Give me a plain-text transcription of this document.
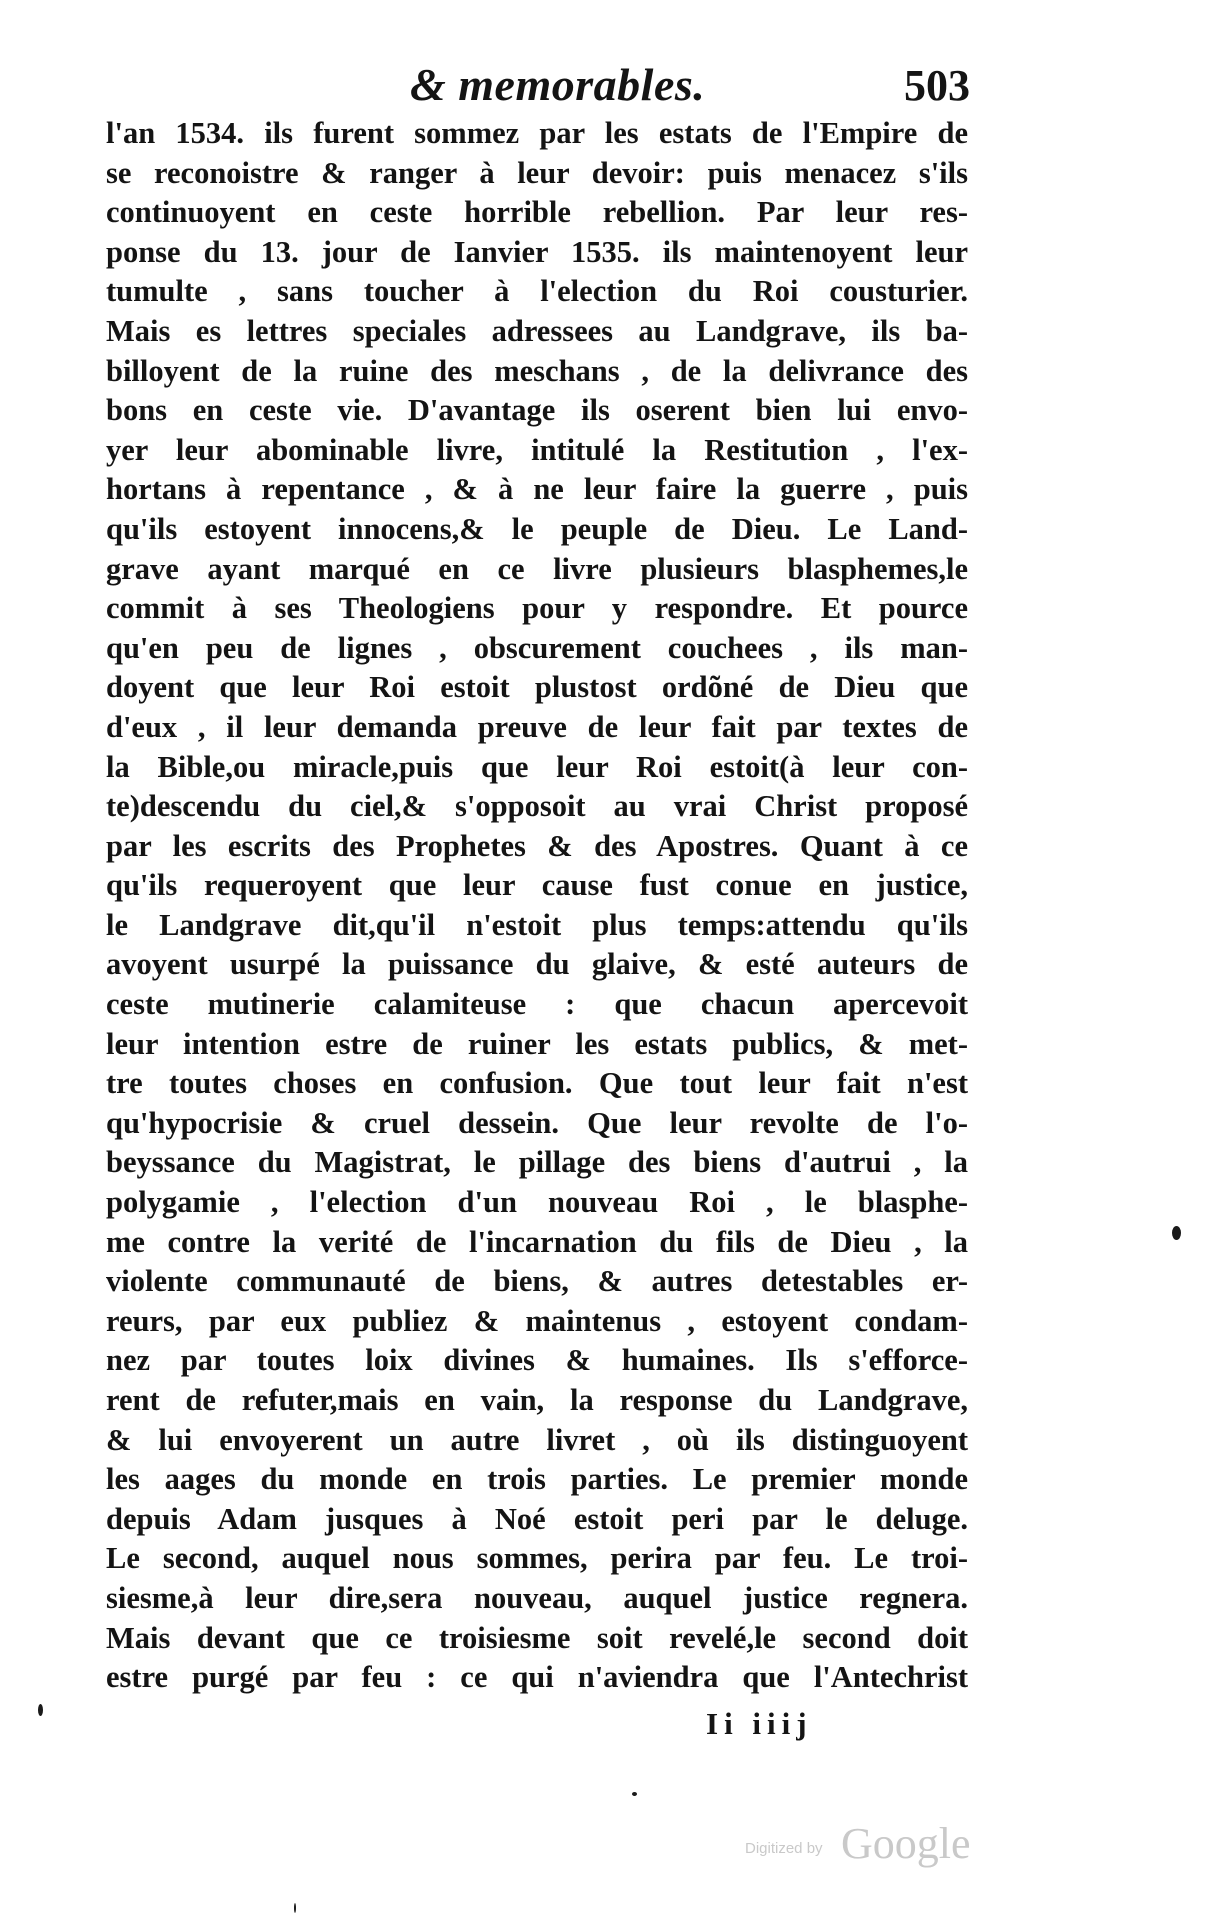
& memorables.	503
l'an 1534. ils furent sommez par les estats de l'Empire de
se reconoistre & ranger à leur devoir: puis menacez s'ils
continuoyent en ceste horrible rebellion. Par leur res-
ponse du 13. jour de Ianvier 1535. ils maintenoyent leur
tumulte , sans toucher à l'election du Roi cousturier.
Mais es lettres speciales adressees au Landgrave, ils ba-
billoyent de la ruine des meschans , de la delivrance des
bons en ceste vie. D'avantage ils oserent bien lui envo-
yer leur abominable livre, intitulé la Restitution , l'ex-
hortans à repentance , & à ne leur faire la guerre , puis
qu'ils estoyent innocens,& le peuple de Dieu. Le Land-
grave ayant marqué en ce livre plusieurs blasphemes,le
commit à ses Theologiens pour y respondre. Et pource
qu'en peu de lignes , obscurement couchees , ils man-
doyent que leur Roi estoit plustost ordõné de Dieu que
d'eux , il leur demanda preuve de leur fait par textes de
la Bible,ou miracle,puis que leur Roi estoit(à leur con-
te)descendu du ciel,& s'opposoit au vrai Christ proposé
par les escrits des Prophetes & des Apostres. Quant à ce
qu'ils requeroyent que leur cause fust conue en justice,
le Landgrave dit,qu'il n'estoit plus temps:attendu qu'ils
avoyent usurpé la puissance du glaive, & esté auteurs de
ceste mutinerie calamiteuse : que chacun apercevoit
leur intention estre de ruiner les estats publics, & met-
tre toutes choses en confusion. Que tout leur fait n'est
qu'hypocrisie & cruel dessein. Que leur revolte de l'o-
beyssance du Magistrat, le pillage des biens d'autrui , la
polygamie , l'election d'un nouveau Roi , le blasphe-
me contre la verité de l'incarnation du fils de Dieu , la
violente communauté de biens, & autres detestables er-
reurs, par eux publiez & maintenus , estoyent condam-
nez par toutes loix divines & humaines. Ils s'efforce-
rent de refuter,mais en vain, la response du Landgrave,
& lui envoyerent un autre livret , où ils distinguoyent
les aages du monde en trois parties. Le premier monde
depuis Adam jusques à Noé estoit peri par le deluge.
Le second, auquel nous sommes, perira par feu. Le troi-
siesme,à leur dire,sera nouveau, auquel justice regnera.
Mais devant que ce troisiesme soit revelé,le second doit
estre purgé par feu : ce qui n'aviendra que l'Antechrist
Ii iiij
Digitized by Google
